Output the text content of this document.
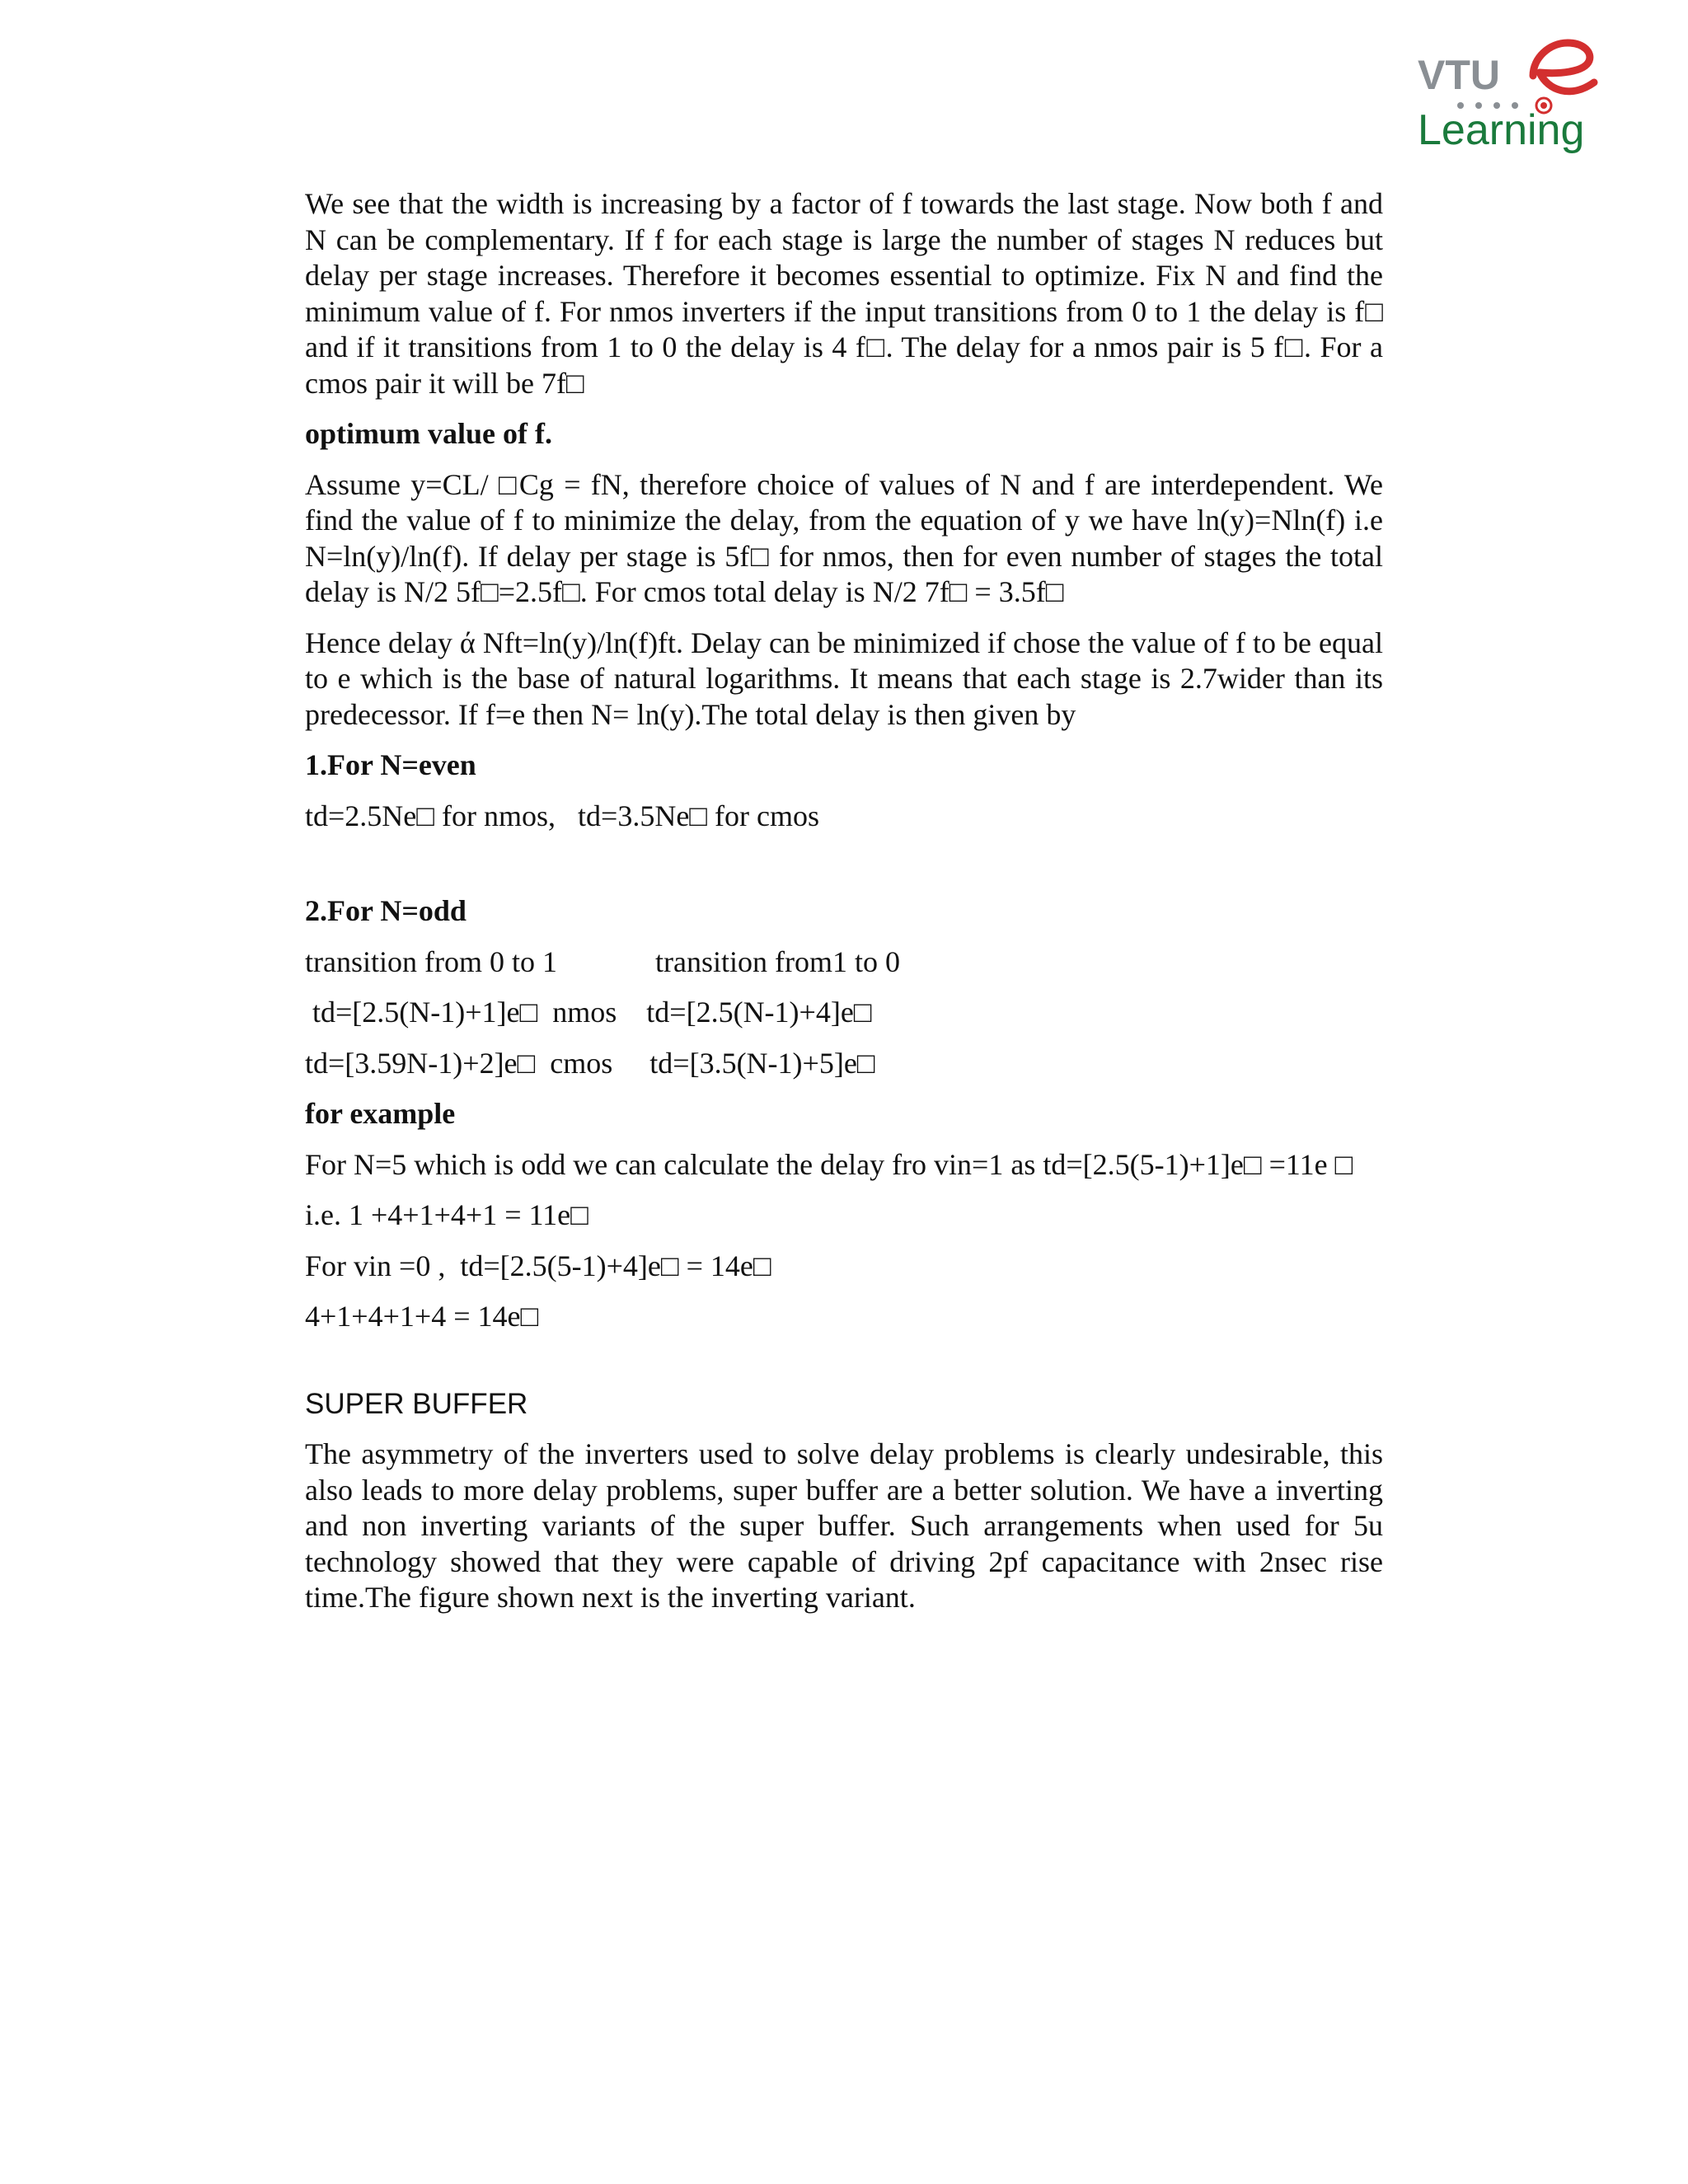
VTU
Learning

We see that the width is increasing by a factor of f towards the last stage. Now both f and N can be complementary. If f for each stage is large the number of stages N reduces but delay per stage increases. Therefore it becomes essential to optimize. Fix N and find the minimum value of f. For nmos inverters if the input transitions from 0 to 1 the delay is f□ and if it transitions from 1 to 0 the delay is 4 f□. The delay for a nmos pair is 5 f□. For a cmos pair it will be 7f□

optimum value of f.

Assume y=CL/ □Cg = fN, therefore choice of values of N and f are interdependent. We find the value of f to minimize the delay, from the equation of y we have ln(y)=Nln(f) i.e N=ln(y)/ln(f). If delay per stage is 5f□ for nmos, then for even number of stages the total delay is N/2 5f□=2.5f□. For cmos total delay is N/2 7f□ = 3.5f□

Hence delay ά Nft=ln(y)/ln(f)ft. Delay can be minimized if chose the value of f to be equal to e which is the base of natural logarithms. It means that each stage is 2.7wider than its predecessor. If f=e then N= ln(y).The total delay is then given by

1.For N=even

td=2.5Ne□ for nmos,   td=3.5Ne□ for cmos

2.For N=odd

transition from 0 to 1	transition from1 to 0

td=[2.5(N-1)+1]e□  nmos    td=[2.5(N-1)+4]e□

td=[3.59N-1)+2]e□  cmos     td=[3.5(N-1)+5]e□

for example

For N=5 which is odd we can calculate the delay fro vin=1 as td=[2.5(5-1)+1]e□ =11e □

i.e. 1 +4+1+4+1 = 11e□

For vin =0 ,  td=[2.5(5-1)+4]e□ = 14e□

4+1+4+1+4 = 14e□

SUPER BUFFER

The asymmetry of the inverters used to solve delay problems is clearly undesirable, this also leads to more delay problems, super buffer are a better solution. We have a inverting and non inverting variants of the super buffer. Such arrangements when used for 5u technology showed that they were capable of driving 2pf capacitance with 2nsec rise time.The figure shown next is the inverting variant.
